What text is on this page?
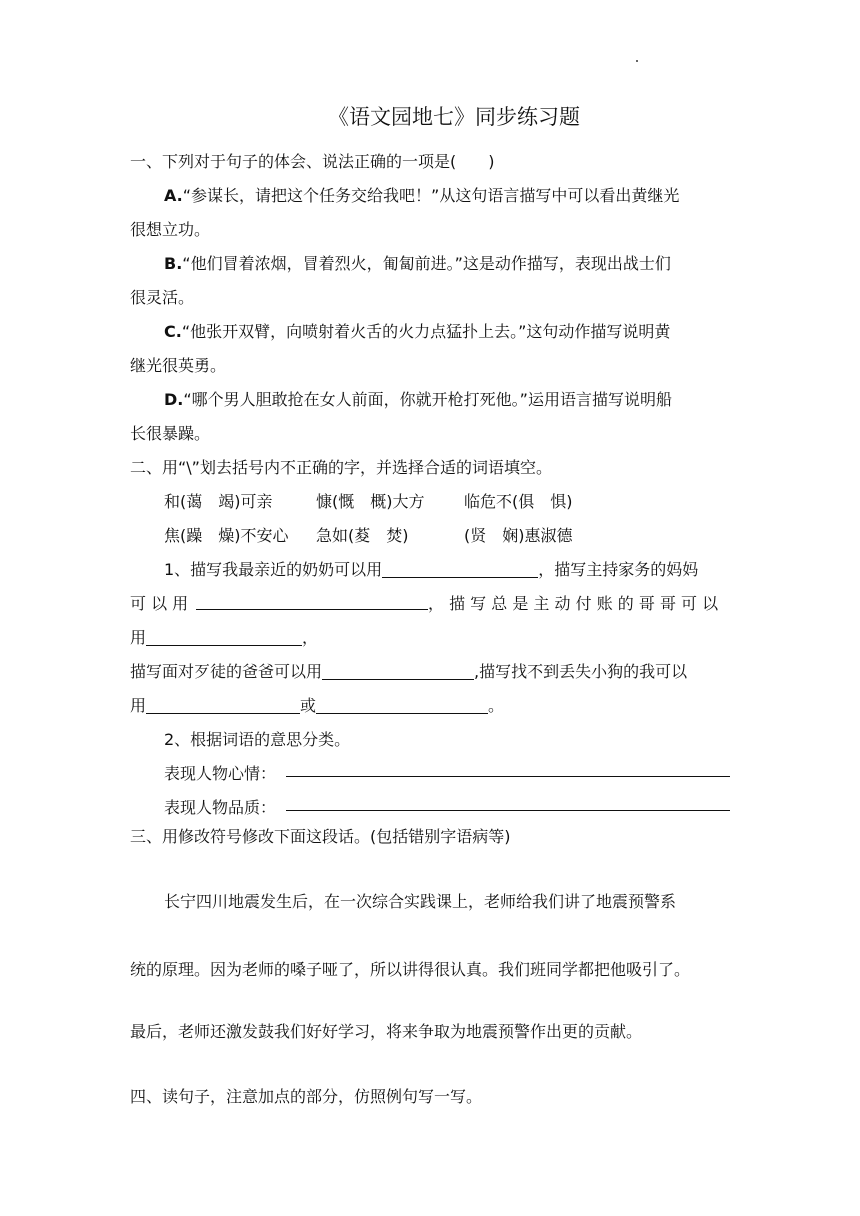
《语文园地七》同步练习题
一、下列对于句子的体会、说法正确的一项是(　　)
A.“参谋长，请把这个任务交给我吧！”从这句语言描写中可以看出黄继光
很想立功。
B.“他们冒着浓烟，冒着烈火，匍匐前进。”这是动作描写，表现出战士们
很灵活。
C.“他张开双臂，向喷射着火舌的火力点猛扑上去。”这句动作描写说明黄
继光很英勇。
D.“哪个男人胆敢抢在女人前面，你就开枪打死他。”运用语言描写说明船
长很暴躁。
二、用“\”划去括号内不正确的字，并选择合适的词语填空。
和(蔼　竭)可亲	慷(慨　概)大方 临危不(俱　惧)
焦(躁　燥)不安心 急如(荾　焚)	(贤　娴)惠淑德
1、描写我最亲近的奶奶可以用	，描写主持家务的妈妈
可 以 用	， 描 写 总 是 主 动 付 账 的 哥 哥 可 以
用	，
描写面对歹徒的爸爸可以用	,描写找不到丢失小狗的我可以
用	或	。
2、根据词语的意思分类。
表现人物心情：
表现人物品质：
三、用修改符号修改下面这段话。(包括错别字语病等)
长宁四川地震发生后，在一次综合实践课上，老师给我们讲了地震预警系
统的原理。因为老师的嗓子哑了，所以讲得很认真。我们班同学都把他吸引了。
最后，老师还激发鼓我们好好学习，将来争取为地震预警作出更的贡献。
四、读句子，注意加点的部分，仿照例句写一写。
